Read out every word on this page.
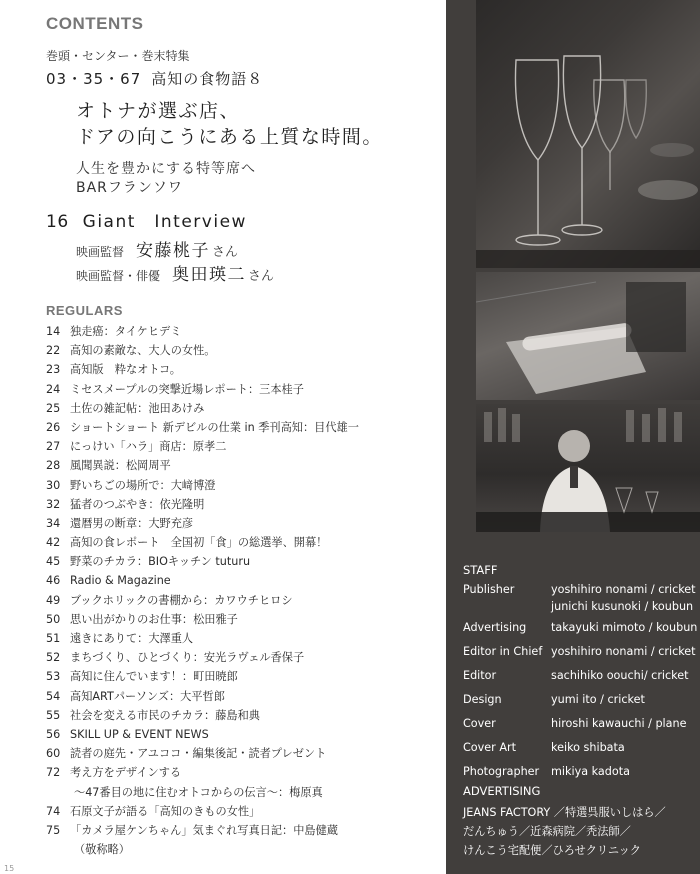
CONTENTS
巻頭・センター・巻末特集
03・35・67 高知の食物語８
オトナが選ぶ店、
ドアの向こうにある上質な時間。
人生を豊かにする特等席へ
BARフランソワ
16 Giant　Interview
映画監督 安藤桃子 さん
映画監督・俳優 奥田瑛二 さん
REGULARS
14 独走癌：タイケヒデミ
22 高知の素敵な、大人の女性。
23 高知版　粋なオトコ。
24 ミセスメープルの突撃近場レポート：三本桂子
25 土佐の雑記帖：池田あけみ
26 ショートショート 新デビルの仕業 in 季刊高知：目代雄一
27 にっけい「ハラ」商店：原孝二
28 風聞異説：松岡周平
30 野いちごの場所で：大﨑博澄
32 猛者のつぶやき：依光隆明
34 還暦男の断章：大野充彦
42 高知の食レポート　全国初「食」の総選挙、開幕！
45 野菜のチカラ：BIOキッチン tuturu
46 Radio & Magazine
49 ブックホリックの書棚から：カワウチヒロシ
50 思い出がかりのお仕事：松田雅子
51 遠きにありて：大澤重人
52 まちづくり、ひとづくり：安光ラヴェル香保子
53 高知に住んでいます！：町田暁郎
54 高知ARTパーソンズ：大平哲郎
55 社会を変える市民のチカラ：藤島和典
56 SKILL UP & EVENT NEWS
60 読者の庭先・アユココ・編集後記・読者プレゼント
72 考え方をデザインする
〜47番目の地に住むオトコからの伝言〜：梅原真
74 石原文子が語る「高知のきもの女性」
75 「カメラ屋ケンちゃん」気まぐれ写真日記：中島健蔵
（敬称略）
15
STAFF
Publisher	yoshihiro nonami / cricket
junichi kusunoki / koubun
Advertising	takayuki mimoto / koubun
Editor in Chief yoshihiro nonami / cricket
Editor	sachihiko oouchi/ cricket
Design	yumi ito / cricket
Cover	hiroshi kawauchi / plane
Cover Art	keiko shibata
Photographer	mikiya kadota
ADVERTISING
JEANS FACTORY ／特選呉服いしはら／
だんちゅう／近森病院／秃法師／
けんこう宅配便／ひろせクリニック
